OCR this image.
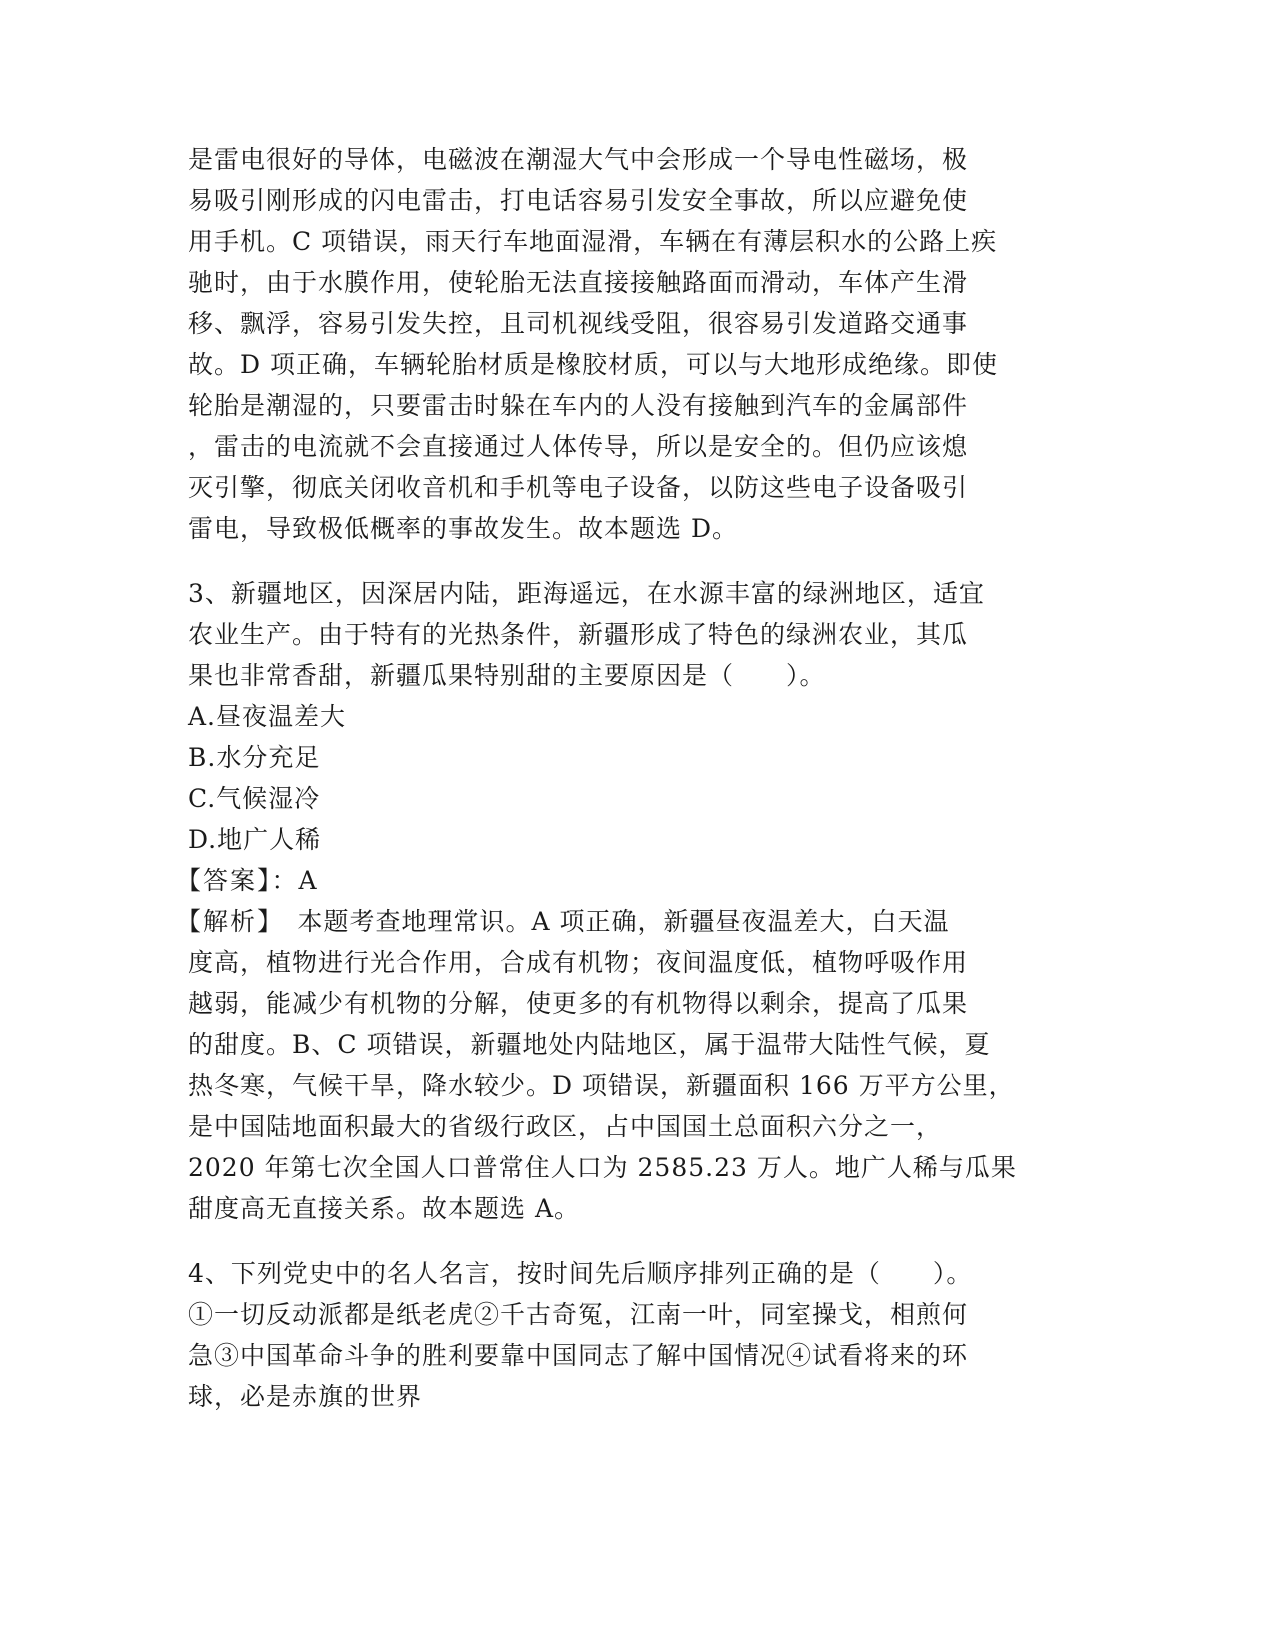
是雷电很好的导体，电磁波在潮湿大气中会形成一个导电性磁场，极
易吸引刚形成的闪电雷击，打电话容易引发安全事故，所以应避免使
用手机。C 项错误，雨天行车地面湿滑，车辆在有薄层积水的公路上疾
驰时，由于水膜作用，使轮胎无法直接接触路面而滑动，车体产生滑
移、飘浮，容易引发失控，且司机视线受阻，很容易引发道路交通事
故。D 项正确，车辆轮胎材质是橡胶材质，可以与大地形成绝缘。即使
轮胎是潮湿的，只要雷击时躲在车内的人没有接触到汽车的金属部件
，雷击的电流就不会直接通过人体传导，所以是安全的。但仍应该熄
灭引擎，彻底关闭收音机和手机等电子设备，以防这些电子设备吸引
雷电，导致极低概率的事故发生。故本题选 D。
3、新疆地区，因深居内陆，距海遥远，在水源丰富的绿洲地区，适宜
农业生产。由于特有的光热条件，新疆形成了特色的绿洲农业，其瓜
果也非常香甜，新疆瓜果特别甜的主要原因是（　　）。
A.昼夜温差大
B.水分充足
C.气候湿冷
D.地广人稀
【答案】：A
【解析】　本题考查地理常识。A 项正确，新疆昼夜温差大，白天温
度高，植物进行光合作用，合成有机物；夜间温度低，植物呼吸作用
越弱，能减少有机物的分解，使更多的有机物得以剩余，提高了瓜果
的甜度。B、C 项错误，新疆地处内陆地区，属于温带大陆性气候，夏
热冬寒，气候干旱，降水较少。D 项错误，新疆面积 166 万平方公里，
是中国陆地面积最大的省级行政区，占中国国土总面积六分之一，
2020 年第七次全国人口普常住人口为 2585.23 万人。地广人稀与瓜果
甜度高无直接关系。故本题选 A。
4、下列党史中的名人名言，按时间先后顺序排列正确的是（　　）。
①一切反动派都是纸老虎②千古奇冤，江南一叶，同室操戈，相煎何
急③中国革命斗争的胜利要靠中国同志了解中国情况④试看将来的环
球，必是赤旗的世界
